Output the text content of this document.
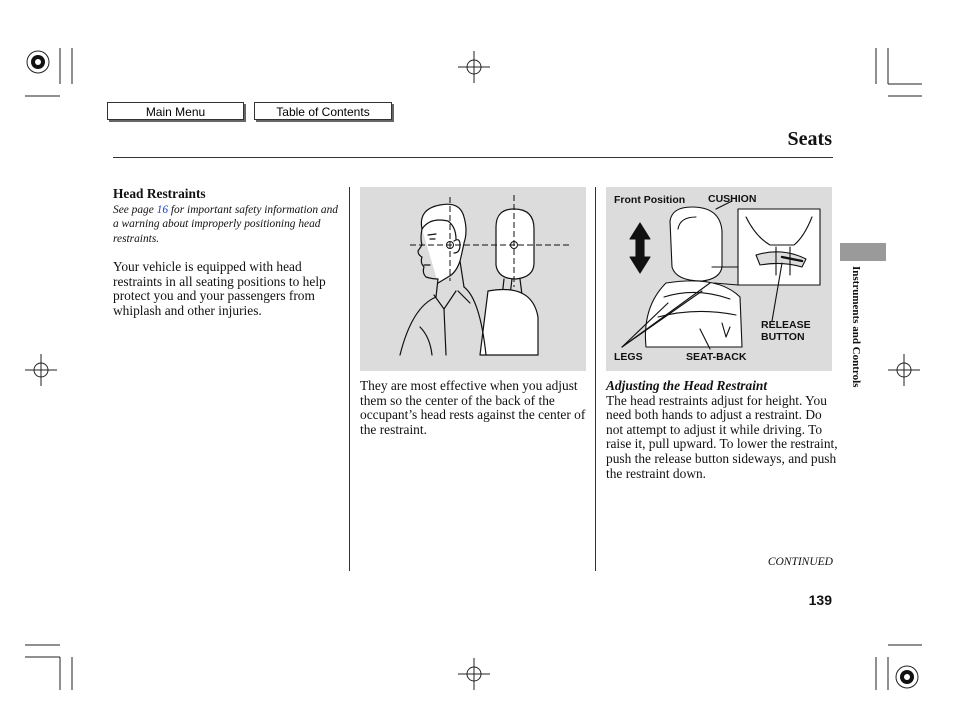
Main Menu	Table of Contents
Seats
Instruments and Controls
Head Restraints
See page 16 for important safety information and a warning about improperly positioning head restraints.
Your vehicle is equipped with head restraints in all seating positions to help protect you and your passengers from whiplash and other injuries.
They are most effective when you adjust them so the center of the back of the occupant’s head rests against the center of the restraint.
Front Position CUSHION
RELEASE
BUTTON
LEGS	SEAT-BACK
Adjusting the Head Restraint
The head restraints adjust for height. You need both hands to adjust a restraint. Do not attempt to adjust it while driving. To raise it, pull upward. To lower the restraint, push the release button sideways, and push the restraint down.
CONTINUED
139
